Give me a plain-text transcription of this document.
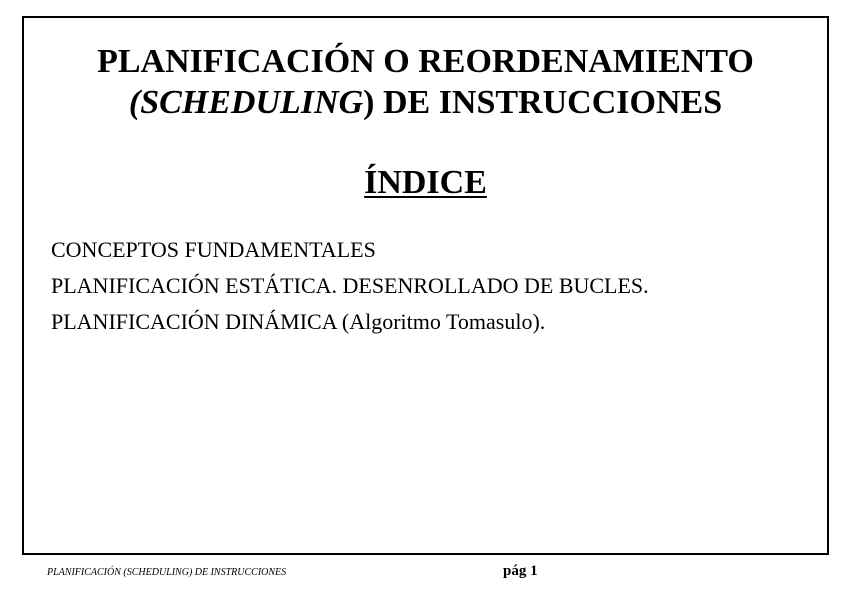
PLANIFICACIÓN O REORDENAMIENTO
(SCHEDULING) DE INSTRUCCIONES
ÍNDICE
CONCEPTOS FUNDAMENTALES
PLANIFICACIÓN ESTÁTICA. DESENROLLADO DE BUCLES.
PLANIFICACIÓN DINÁMICA (Algoritmo Tomasulo).
PLANIFICACIÓN (SCHEDULING) DE INSTRUCCIONES	pág 1
